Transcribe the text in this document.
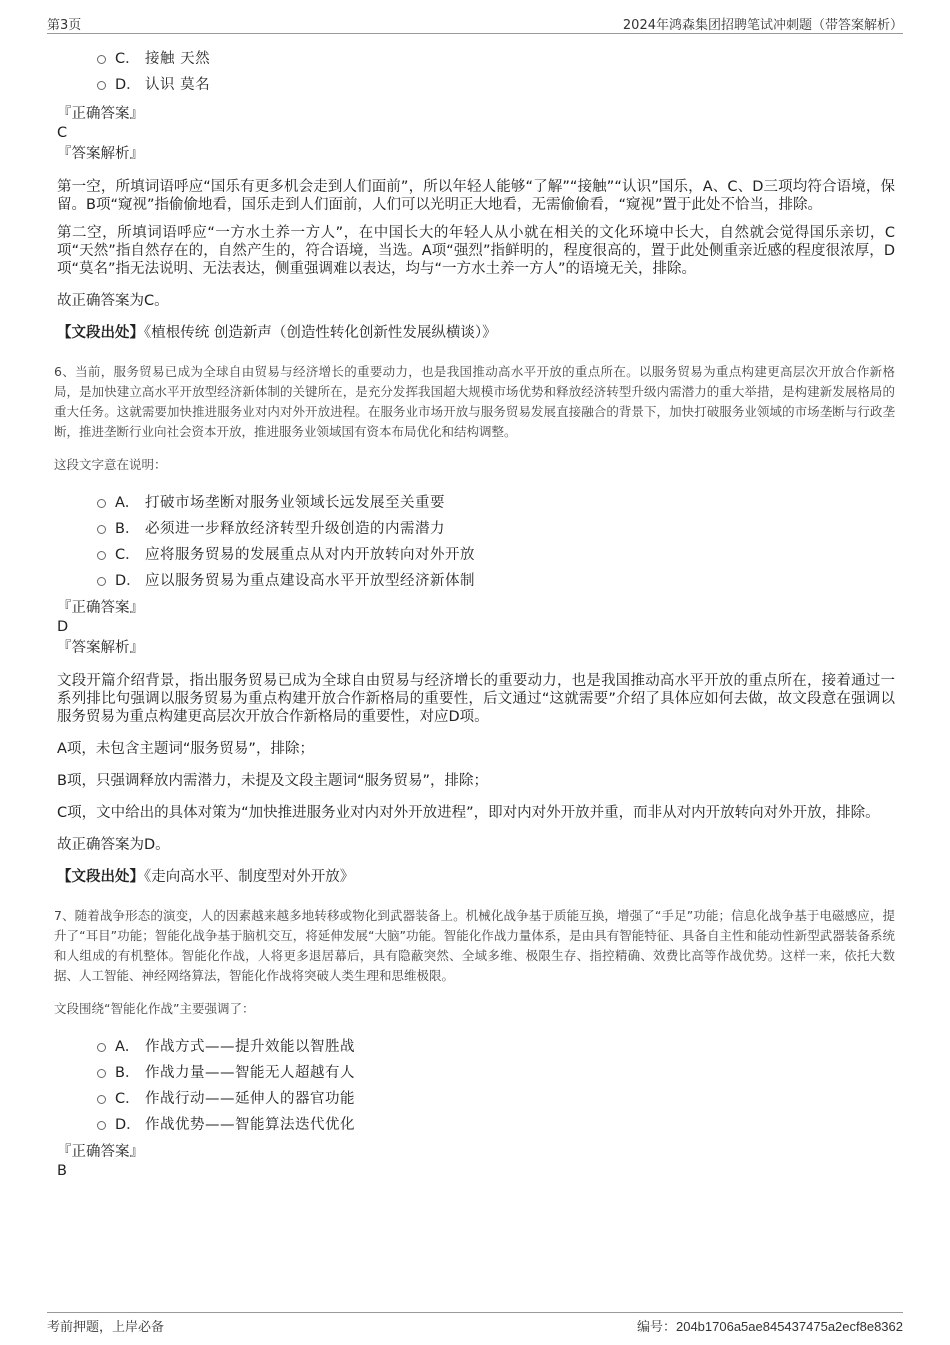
第3页	2024年鸿森集团招聘笔试冲刺题（带答案解析）
C． 接触 天然
D． 认识 莫名
『正确答案』
C
『答案解析』

第一空，所填词语呼应“国乐有更多机会走到人们面前”，所以年轻人能够“了解”“接触”“认识”国乐，A、C、D三项均符合语境，保留。B项“窥视”指偷偷地看，国乐走到人们面前，人们可以光明正大地看，无需偷偷看，“窥视”置于此处不恰当，排除。

第二空，所填词语呼应“一方水土养一方人”，在中国长大的年轻人从小就在相关的文化环境中长大，自然就会觉得国乐亲切，C项“天然”指自然存在的，自然产生的，符合语境，当选。A项“强烈”指鲜明的，程度很高的，置于此处侧重亲近感的程度很浓厚，D项“莫名”指无法说明、无法表达，侧重强调难以表达，均与“一方水土养一方人”的语境无关，排除。

故正确答案为C。

【文段出处】《植根传统 创造新声（创造性转化创新性发展纵横谈）》

6、当前，服务贸易已成为全球自由贸易与经济增长的重要动力，也是我国推动高水平开放的重点所在。以服务贸易为重点构建更高层次开放合作新格局，是加快建立高水平开放型经济新体制的关键所在，是充分发挥我国超大规模市场优势和释放经济转型升级内需潜力的重大举措，是构建新发展格局的重大任务。这就需要加快推进服务业对内对外开放进程。在服务业市场开放与服务贸易发展直接融合的背景下，加快打破服务业领域的市场垄断与行政垄断，推进垄断行业向社会资本开放，推进服务业领域国有资本布局优化和结构调整。

这段文字意在说明：

A． 打破市场垄断对服务业领域长远发展至关重要
B． 必须进一步释放经济转型升级创造的内需潜力
C． 应将服务贸易的发展重点从对内开放转向对外开放
D． 应以服务贸易为重点建设高水平开放型经济新体制
『正确答案』
D
『答案解析』

文段开篇介绍背景，指出服务贸易已成为全球自由贸易与经济增长的重要动力，也是我国推动高水平开放的重点所在，接着通过一系列排比句强调以服务贸易为重点构建开放合作新格局的重要性，后文通过“这就需要”介绍了具体应如何去做，故文段意在强调以服务贸易为重点构建更高层次开放合作新格局的重要性，对应D项。

A项，未包含主题词“服务贸易”，排除；

B项，只强调释放内需潜力，未提及文段主题词“服务贸易”，排除；

C项，文中给出的具体对策为“加快推进服务业对内对外开放进程”，即对内对外开放并重，而非从对内开放转向对外开放，排除。

故正确答案为D。

【文段出处】《走向高水平、制度型对外开放》

7、随着战争形态的演变，人的因素越来越多地转移或物化到武器装备上。机械化战争基于质能互换，增强了“手足”功能；信息化战争基于电磁感应，提升了“耳目”功能；智能化战争基于脑机交互，将延伸发展“大脑”功能。智能化作战力量体系，是由具有智能特征、具备自主性和能动性新型武器装备系统和人组成的有机整体。智能化作战，人将更多退居幕后，具有隐蔽突然、全域多维、极限生存、指控精确、效费比高等作战优势。这样一来，依托大数据、人工智能、神经网络算法，智能化作战将突破人类生理和思维极限。

文段围绕“智能化作战”主要强调了：

A． 作战方式——提升效能以智胜战
B． 作战力量——智能无人超越有人
C． 作战行动——延伸人的器官功能
D． 作战优势——智能算法迭代优化
『正确答案』
B
考前押题，上岸必备	编号：204b1706a5ae845437475a2ecf8e8362
